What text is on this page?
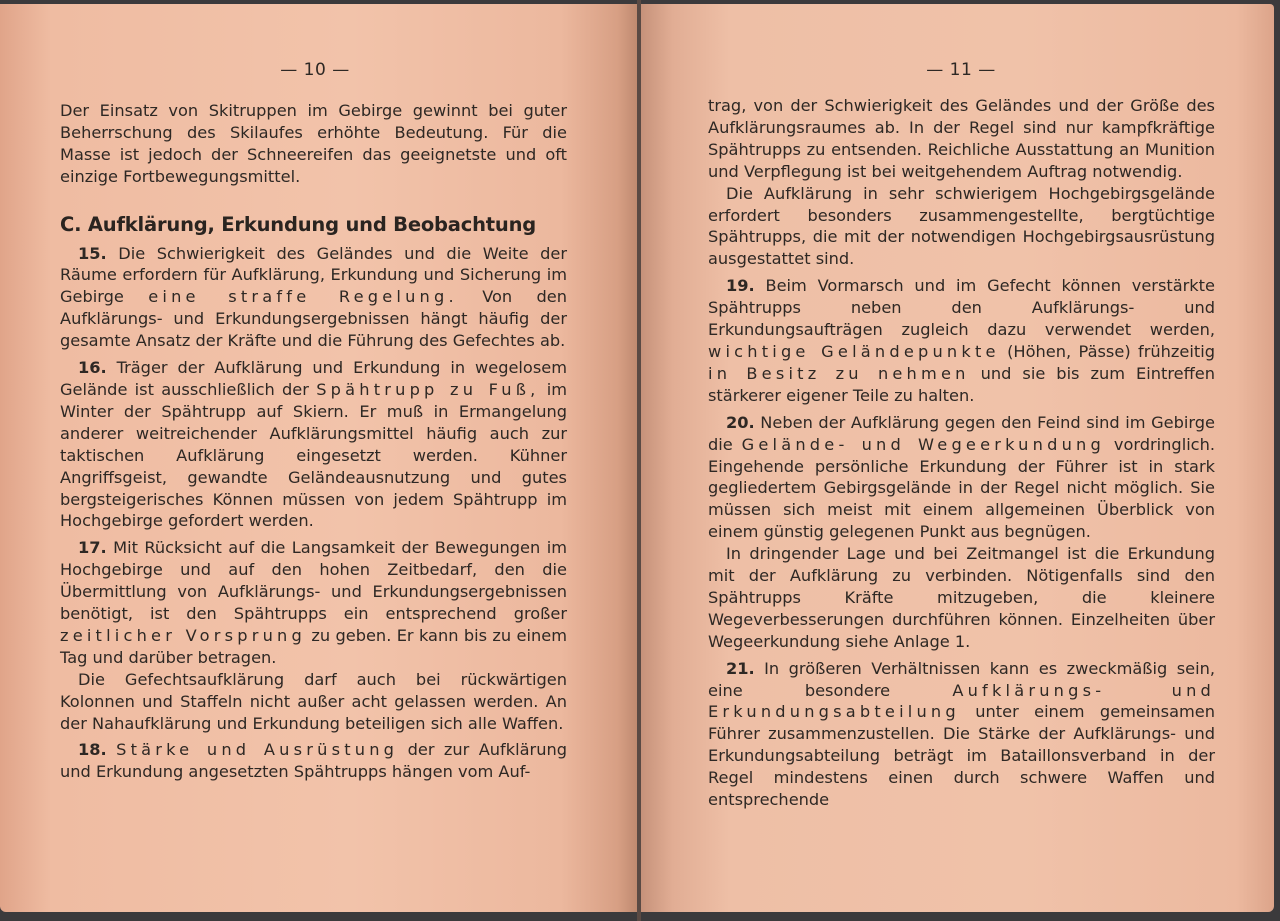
— 10 —

Der Einsatz von Skitruppen im Gebirge gewinnt bei guter Beherrschung des Skilaufes erhöhte Bedeutung. Für die Masse ist jedoch der Schneereifen das geeignetste und oft einzige Fortbewegungsmittel.

C. Aufklärung, Erkundung und Beobachtung

15. Die Schwierigkeit des Geländes und die Weite der Räume erfordern für Aufklärung, Erkundung und Sicherung im Gebirge eine straffe Regelung. Von den Aufklärungs- und Erkundungsergebnissen hängt häufig der gesamte Ansatz der Kräfte und die Führung des Gefechtes ab.

16. Träger der Aufklärung und Erkundung in wegelosem Gelände ist ausschließlich der Spähtrupp zu Fuß, im Winter der Spähtrupp auf Skiern. Er muß in Ermangelung anderer weitreichender Aufklärungsmittel häufig auch zur taktischen Aufklärung eingesetzt werden. Kühner Angriffsgeist, gewandte Geländeausnutzung und gutes bergsteigerisches Können müssen von jedem Spähtrupp im Hochgebirge gefordert werden.

17. Mit Rücksicht auf die Langsamkeit der Bewegungen im Hochgebirge und auf den hohen Zeitbedarf, den die Übermittlung von Aufklärungs- und Erkundungsergebnissen benötigt, ist den Spähtrupps ein entsprechend großer zeitlicher Vorsprung zu geben. Er kann bis zu einem Tag und darüber betragen.

Die Gefechtsaufklärung darf auch bei rückwärtigen Kolonnen und Staffeln nicht außer acht gelassen werden. An der Nahaufklärung und Erkundung beteiligen sich alle Waffen.

18. Stärke und Ausrüstung der zur Aufklärung und Erkundung angesetzten Spähtrupps hängen vom Auf-

— 11 —

trag, von der Schwierigkeit des Geländes und der Größe des Aufklärungsraumes ab. In der Regel sind nur kampfkräftige Spähtrupps zu entsenden. Reichliche Ausstattung an Munition und Verpflegung ist bei weitgehendem Auftrag notwendig.

Die Aufklärung in sehr schwierigem Hochgebirgsgelände erfordert besonders zusammengestellte, bergtüchtige Spähtrupps, die mit der notwendigen Hochgebirgsausrüstung ausgestattet sind.

19. Beim Vormarsch und im Gefecht können verstärkte Spähtrupps neben den Aufklärungs- und Erkundungsaufträgen zugleich dazu verwendet werden, wichtige Geländepunkte (Höhen, Pässe) frühzeitig in Besitz zu nehmen und sie bis zum Eintreffen stärkerer eigener Teile zu halten.

20. Neben der Aufklärung gegen den Feind sind im Gebirge die Gelände- und Wegeerkundung vordringlich. Eingehende persönliche Erkundung der Führer ist in stark gegliedertem Gebirgsgelände in der Regel nicht möglich. Sie müssen sich meist mit einem allgemeinen Überblick von einem günstig gelegenen Punkt aus begnügen.

In dringender Lage und bei Zeitmangel ist die Erkundung mit der Aufklärung zu verbinden. Nötigenfalls sind den Spähtrupps Kräfte mitzugeben, die kleinere Wegeverbesserungen durchführen können. Einzelheiten über Wegeerkundung siehe Anlage 1.

21. In größeren Verhältnissen kann es zweckmäßig sein, eine besondere	Aufklärungs- und Erkundungsabteilung unter einem gemeinsamen Führer zusammenzustellen. Die Stärke der Aufklärungs- und Erkundungsabteilung beträgt im Bataillonsverband in der Regel mindestens einen durch schwere Waffen und entsprechende
